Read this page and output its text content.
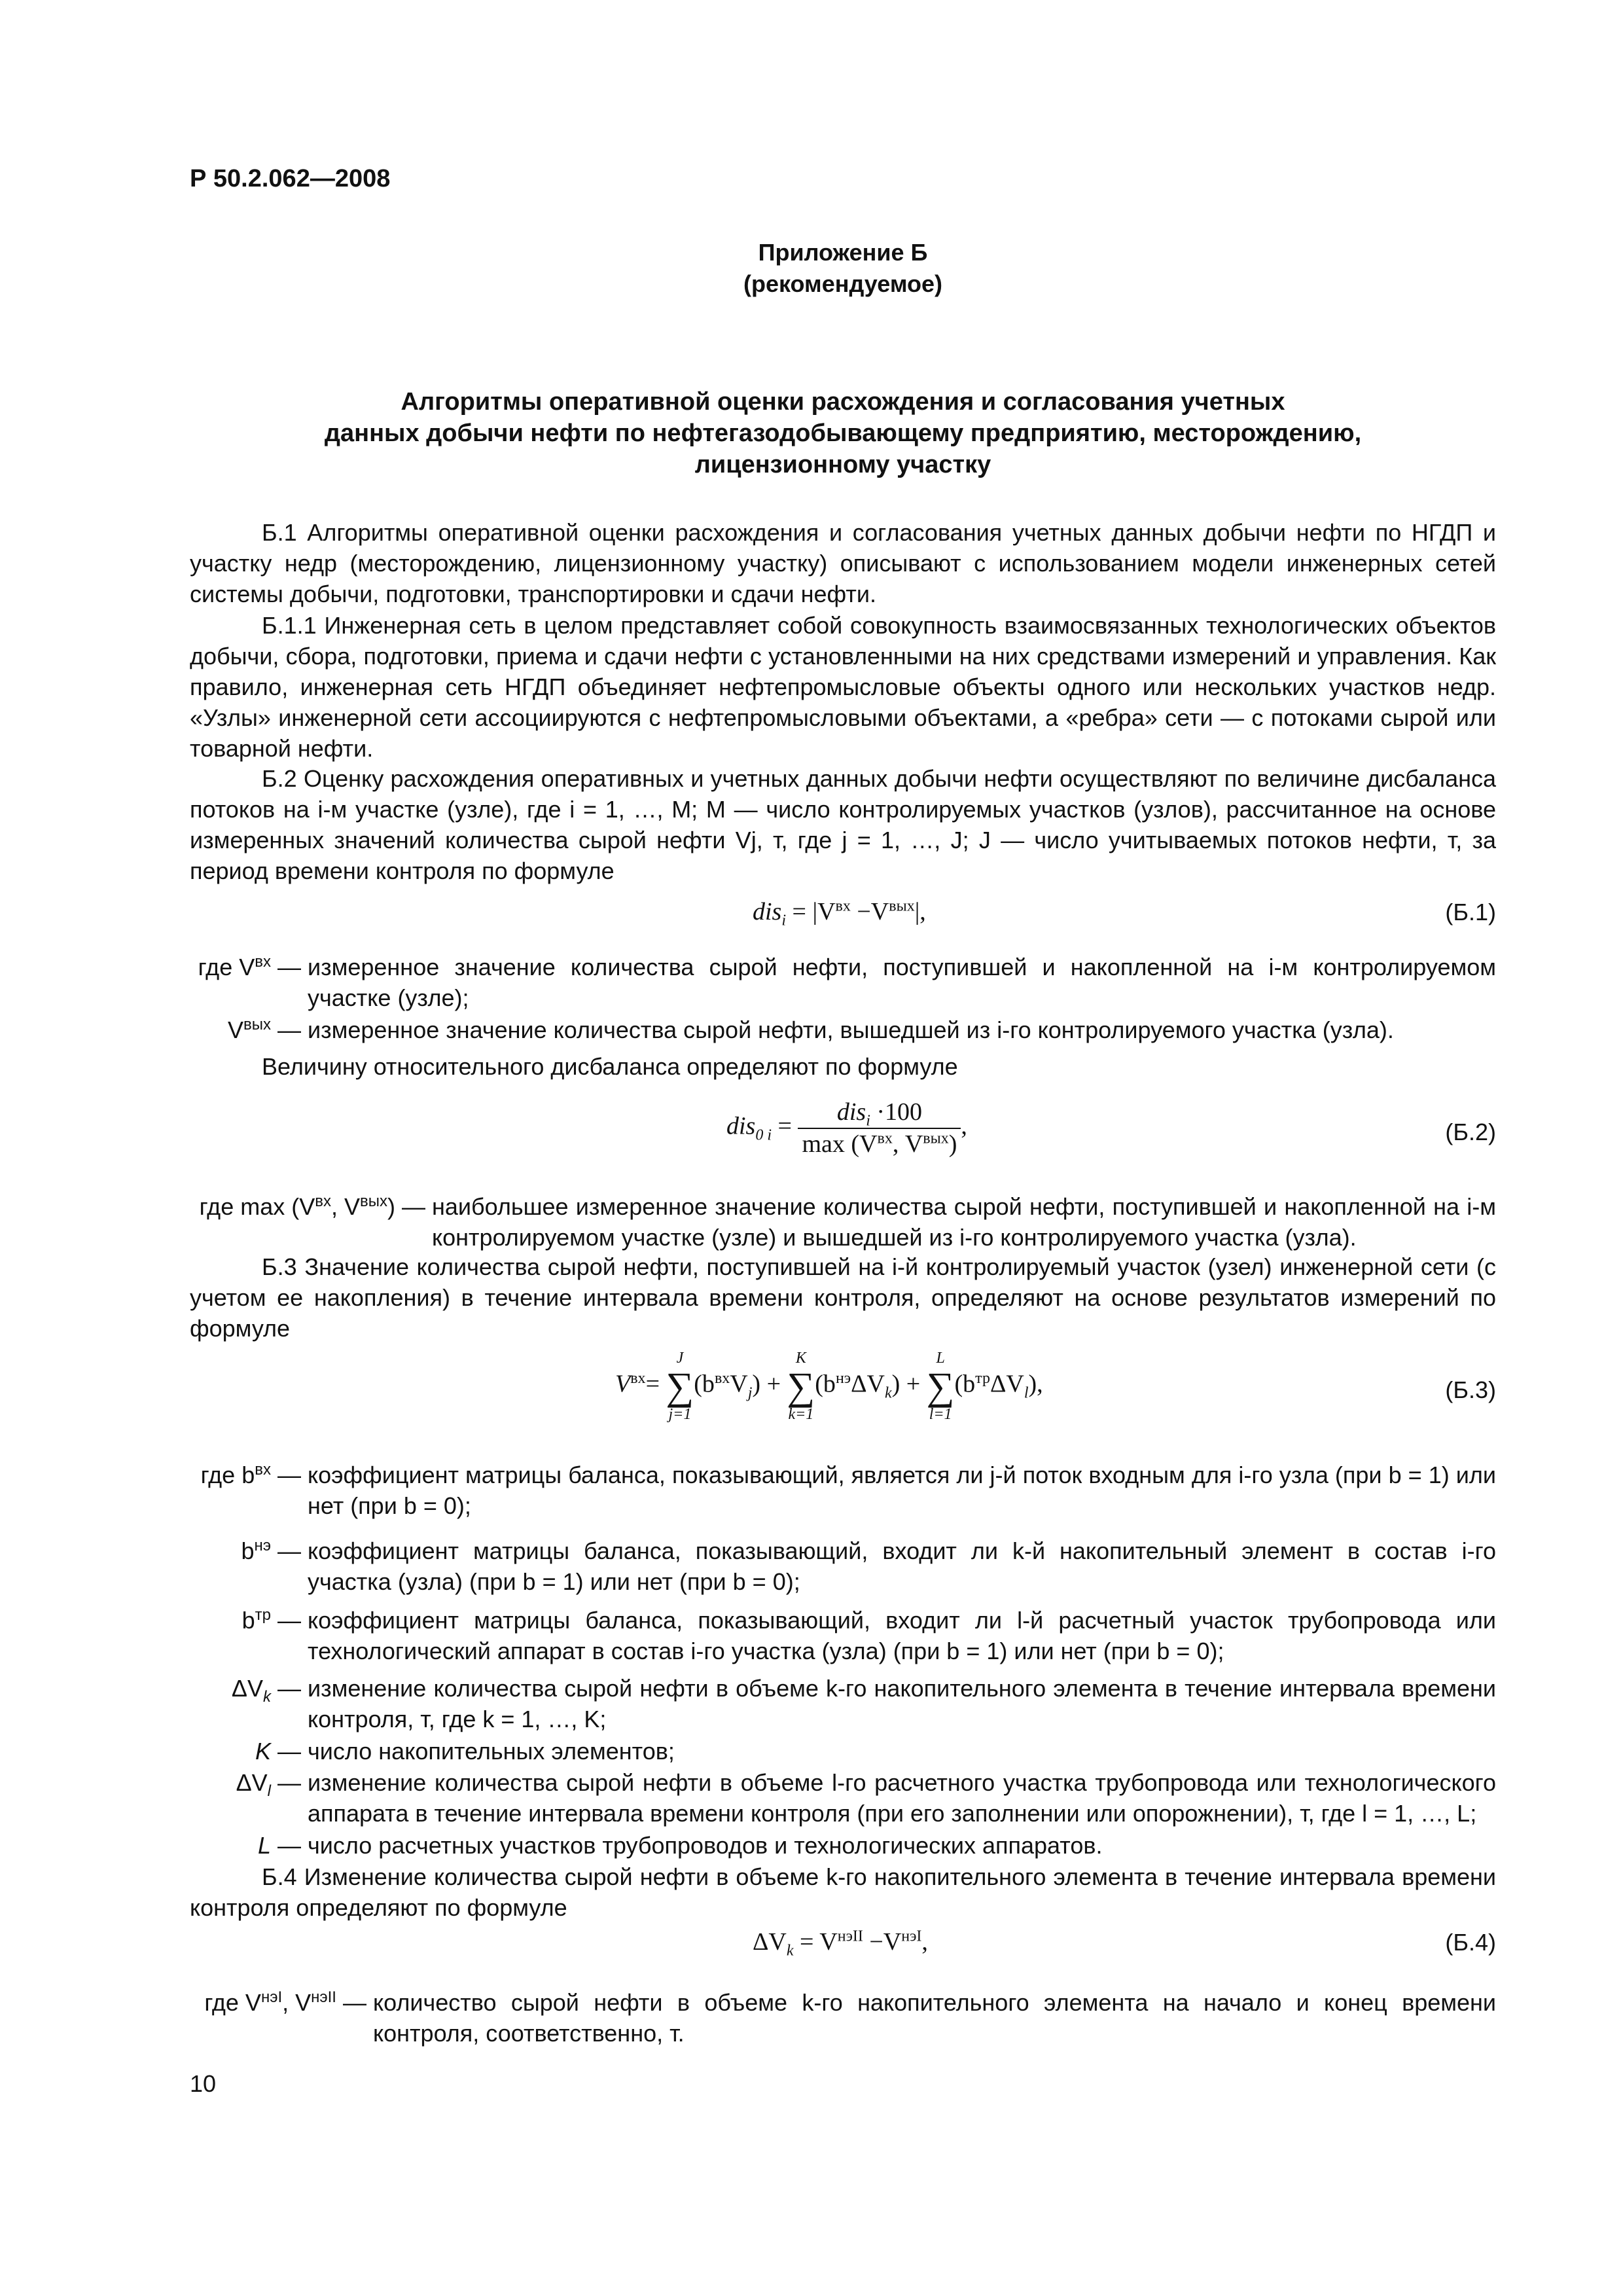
Р 50.2.062—2008
Приложение Б
(рекомендуемое)
Алгоритмы оперативной оценки расхождения и согласования учетных
данных добычи нефти по нефтегазодобывающему предприятию, месторождению,
лицензионному участку

Б.1 Алгоритмы оперативной оценки расхождения и согласования учетных данных добычи нефти по НГДП и участку недр (месторождению, лицензионному участку) описывают с использованием модели инженерных сетей системы добычи, подготовки, транспортировки и сдачи нефти.

Б.1.1 Инженерная сеть в целом представляет собой совокупность взаимосвязанных технологических объектов добычи, сбора, подготовки, приема и сдачи нефти с установленными на них средствами измерений и управления. Как правило, инженерная сеть НГДП объединяет нефтепромысловые объекты одного или нескольких участков недр. «Узлы» инженерной сети ассоциируются с нефтепромысловыми объектами, а «ребра» сети — с потоками сырой или товарной нефти.

Б.2 Оценку расхождения оперативных и учетных данных добычи нефти осуществляют по величине дисбаланса потоков на i-м участке (узле), где i = 1, …, M; M — число контролируемых участков (узлов), рассчитанное на основе измеренных значений количества сырой нефти Vj, т, где j = 1, …, J; J — число учитываемых потоков нефти, т, за период времени контроля по формуле

$dis_i = |V^{вх} -V^{вых}|$,	(Б.1)
где $V^{вх}$ — измеренное значение количества сырой нефти, поступившей и накопленной на i-м контролируемом участке (узле);
$V^{вых}$ — измеренное значение количества сырой нефти, вышедшей из i-го контролируемого участка (узла).

Величину относительного дисбаланса определяют по формуле

$dis_{0 i} = \frac{dis_i \cdot 100}{\max (V^{вх}, V^{вых})}$ ,	(Б.2)
где $\max (V^{вх}$, $V^{вых}$) — наибольшее измеренное значение количества сырой нефти, поступившей и накопленной на i-м контролируемом участке (узле) и вышедшей из i-го контролируемого участка (узла).

Б.3 Значение количества сырой нефти, поступившей на i-й контролируемый участок (узел) инженерной сети (с учетом ее накопления) в течение интервала времени контроля, определяют на основе результатов измерений по формуле

$V^{вх}=$
J
∑
j=1
$(b^{вх}V_j)$ +
K
∑
k=1
$(b^{нэ}\Delta V_k)$ +
L
∑
l=1
$(b^{тр}\Delta V_l)$,	(Б.3)
где $b^{вх}$ — коэффициент матрицы баланса, показывающий, является ли j-й поток входным для i-го узла (при b = 1) или нет (при b = 0);
$b^{нэ}$ — коэффициент матрицы баланса, показывающий, входит ли k-й накопительный элемент в состав i-го участка (узла) (при b = 1) или нет (при b = 0);
$b^{тр}$ — коэффициент матрицы баланса, показывающий, входит ли l-й расчетный участок трубопровода или технологический аппарат в состав i-го участка (узла) (при b = 1) или нет (при b = 0);
$\Delta V_k$ — изменение количества сырой нефти в объеме k-го накопительного элемента в течение интервала времени контроля, т, где k = 1, …, K;
K — число накопительных элементов;
$\Delta V_l$ — изменение количества сырой нефти в объеме l-го расчетного участка трубопровода или технологического аппарата в течение интервала времени контроля (при его заполнении или опорожнении), т, где l = 1, …, L;
L — число расчетных участков трубопроводов и технологических аппаратов.

Б.4 Изменение количества сырой нефти в объеме k-го накопительного элемента в течение интервала времени контроля определяют по формуле

$\Delta V_k = V^{нэII} -V^{нэI}$,	(Б.4)
где $V^{нэI}$, $V^{нэII}$ — количество сырой нефти в объеме k-го накопительного элемента на начало и конец времени контроля, соответственно, т.
10
